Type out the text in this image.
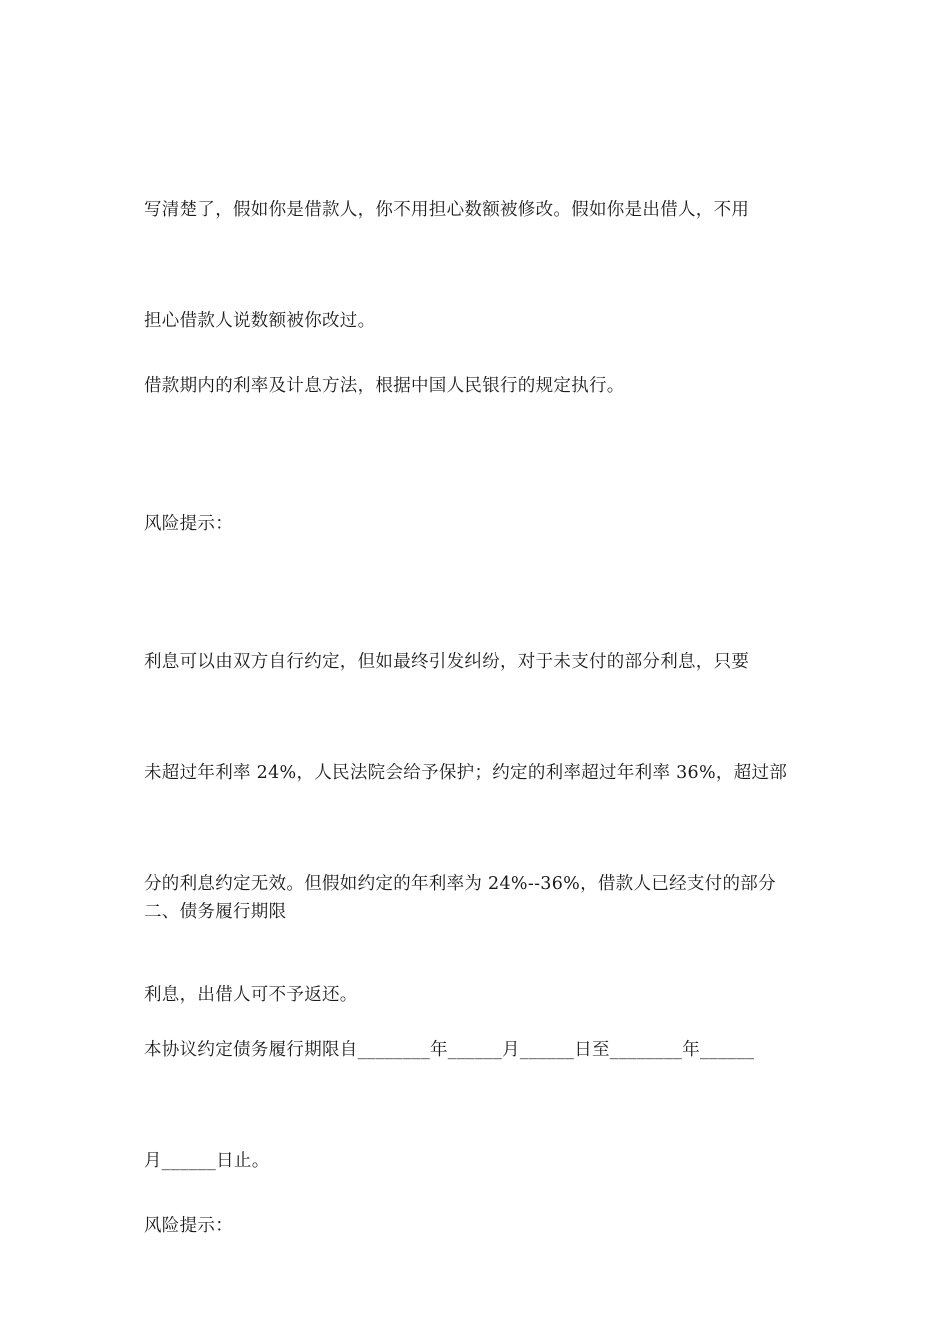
写清楚了，假如你是借款人，你不用担心数额被修改。假如你是出借人，不用

担心借款人说数额被你改过。

借款期内的利率及计息方法，根据中国人民银行的规定执行。

风险提示：

利息可以由双方自行约定，但如最终引发纠纷，对于未支付的部分利息，只要

未超过年利率 24%，人民法院会给予保护；约定的利率超过年利率 36%，超过部

分的利息约定无效。但假如约定的年利率为 24%--36%，借款人已经支付的部分

利息，出借人可不予返还。

二、债务履行期限

本协议约定债务履行期限自________年______月______日至________年______

月______日止。

风险提示：
